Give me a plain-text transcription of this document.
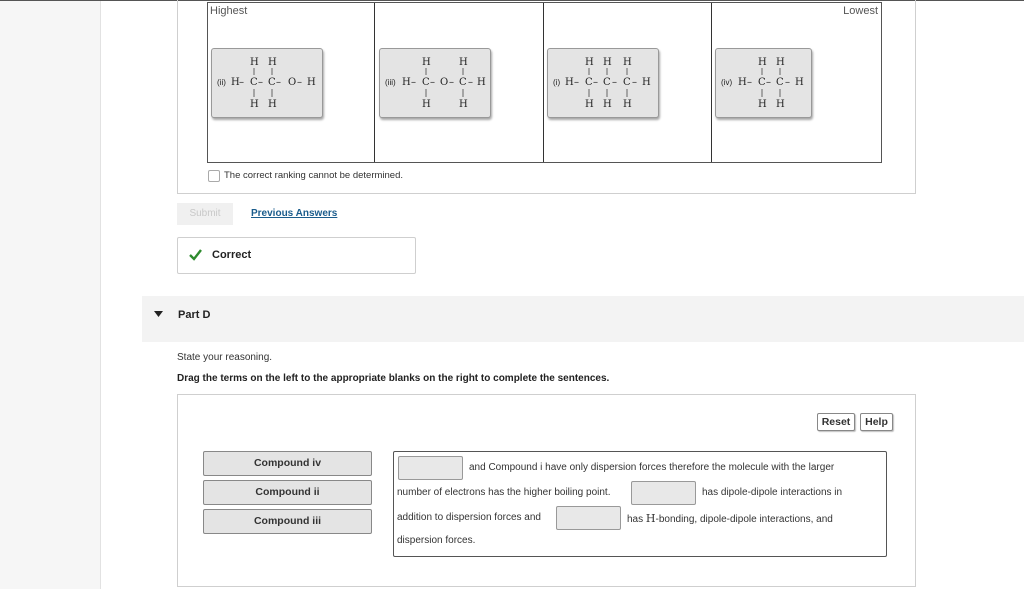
Highest	Lowest
(ii) H – C – C – O – H
H H
H H
(iii) H – C – O – C – H
H	H
H	H
(i) H – C – C – C – H
H H H
H H H
(iv) H – C – C – H
H H
H H
The correct ranking cannot be determined.
Submit	Previous Answers
Correct
Part D
State your reasoning.
Drag the terms on the left to the appropriate blanks on the right to complete the sentences.
Reset	Help
Compound iv
Compound ii
Compound iii
and Compound i have only dispersion forces therefore the molecule with the larger
number of electrons has the higher boiling point.	has dipole-dipole interactions in
addition to dispersion forces and	has H-bonding, dipole-dipole interactions, and
dispersion forces.
